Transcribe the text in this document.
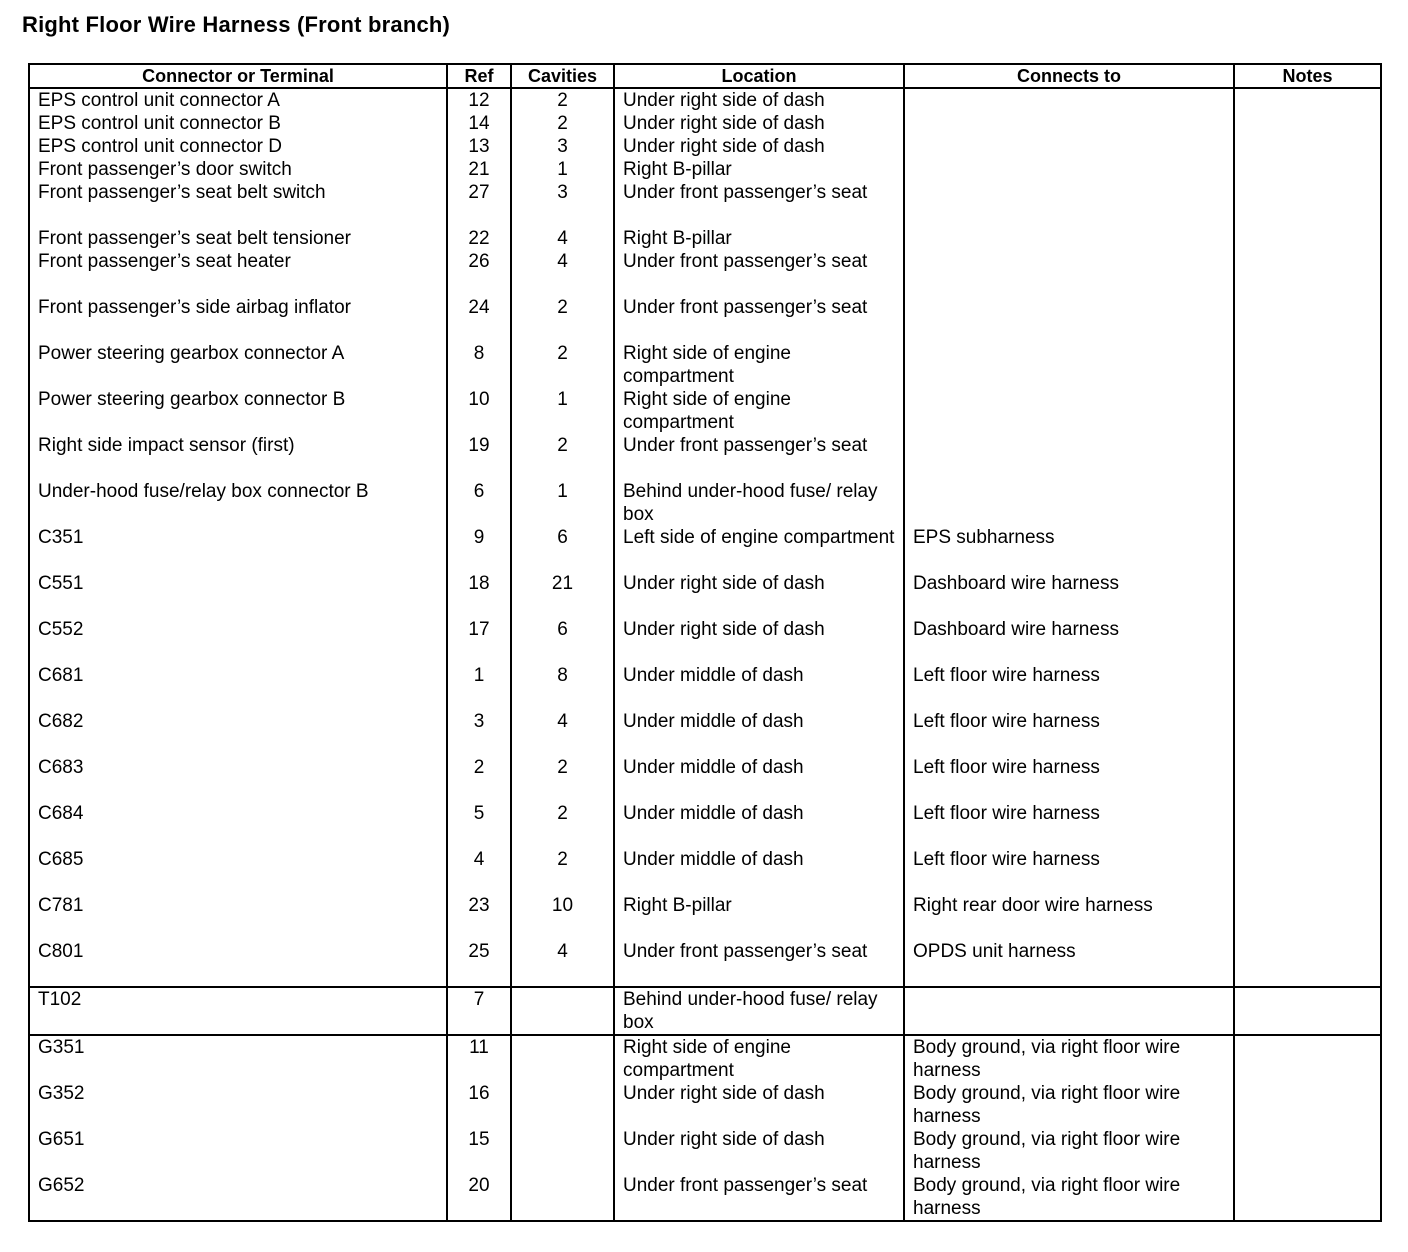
Right Floor Wire Harness (Front branch)
Connector or Terminal	Ref	Cavities	Location	Connects to	Notes
EPS control unit connector A	12	2	Under right side of dash		
EPS control unit connector B	14	2	Under right side of dash		
EPS control unit connector D	13	3	Under right side of dash		
Front passenger’s door switch	21	1	Right B-pillar		
Front passenger’s seat belt switch	27	3	Under front passenger’s seat		
Front passenger’s seat belt tensioner	22	4	Right B-pillar		
Front passenger’s seat heater	26	4	Under front passenger’s seat		
Front passenger’s side airbag inflator	24	2	Under front passenger’s seat		
Power steering gearbox connector A	8	2	Right side of engine compartment		
Power steering gearbox connector B	10	1	Right side of engine compartment		
Right side impact sensor (first)	19	2	Under front passenger’s seat		
Under-hood fuse/relay box connector B	6	1	Behind under-hood fuse/ relay box		
C351	9	6	Left side of engine compartment	EPS subharness	
C551	18	21	Under right side of dash	Dashboard wire harness	
C552	17	6	Under right side of dash	Dashboard wire harness	
C681	1	8	Under middle of dash	Left floor wire harness	
C682	3	4	Under middle of dash	Left floor wire harness	
C683	2	2	Under middle of dash	Left floor wire harness	
C684	5	2	Under middle of dash	Left floor wire harness	
C685	4	2	Under middle of dash	Left floor wire harness	
C781	23	10	Right B-pillar	Right rear door wire harness	
C801	25	4	Under front passenger’s seat	OPDS unit harness	
T102	7		Behind under-hood fuse/ relay box		
G351	11		Right side of engine compartment	Body ground, via right floor wire harness	
G352	16		Under right side of dash	Body ground, via right floor wire harness	
G651	15		Under right side of dash	Body ground, via right floor wire harness	
G652	20		Under front passenger’s seat	Body ground, via right floor wire harness	
